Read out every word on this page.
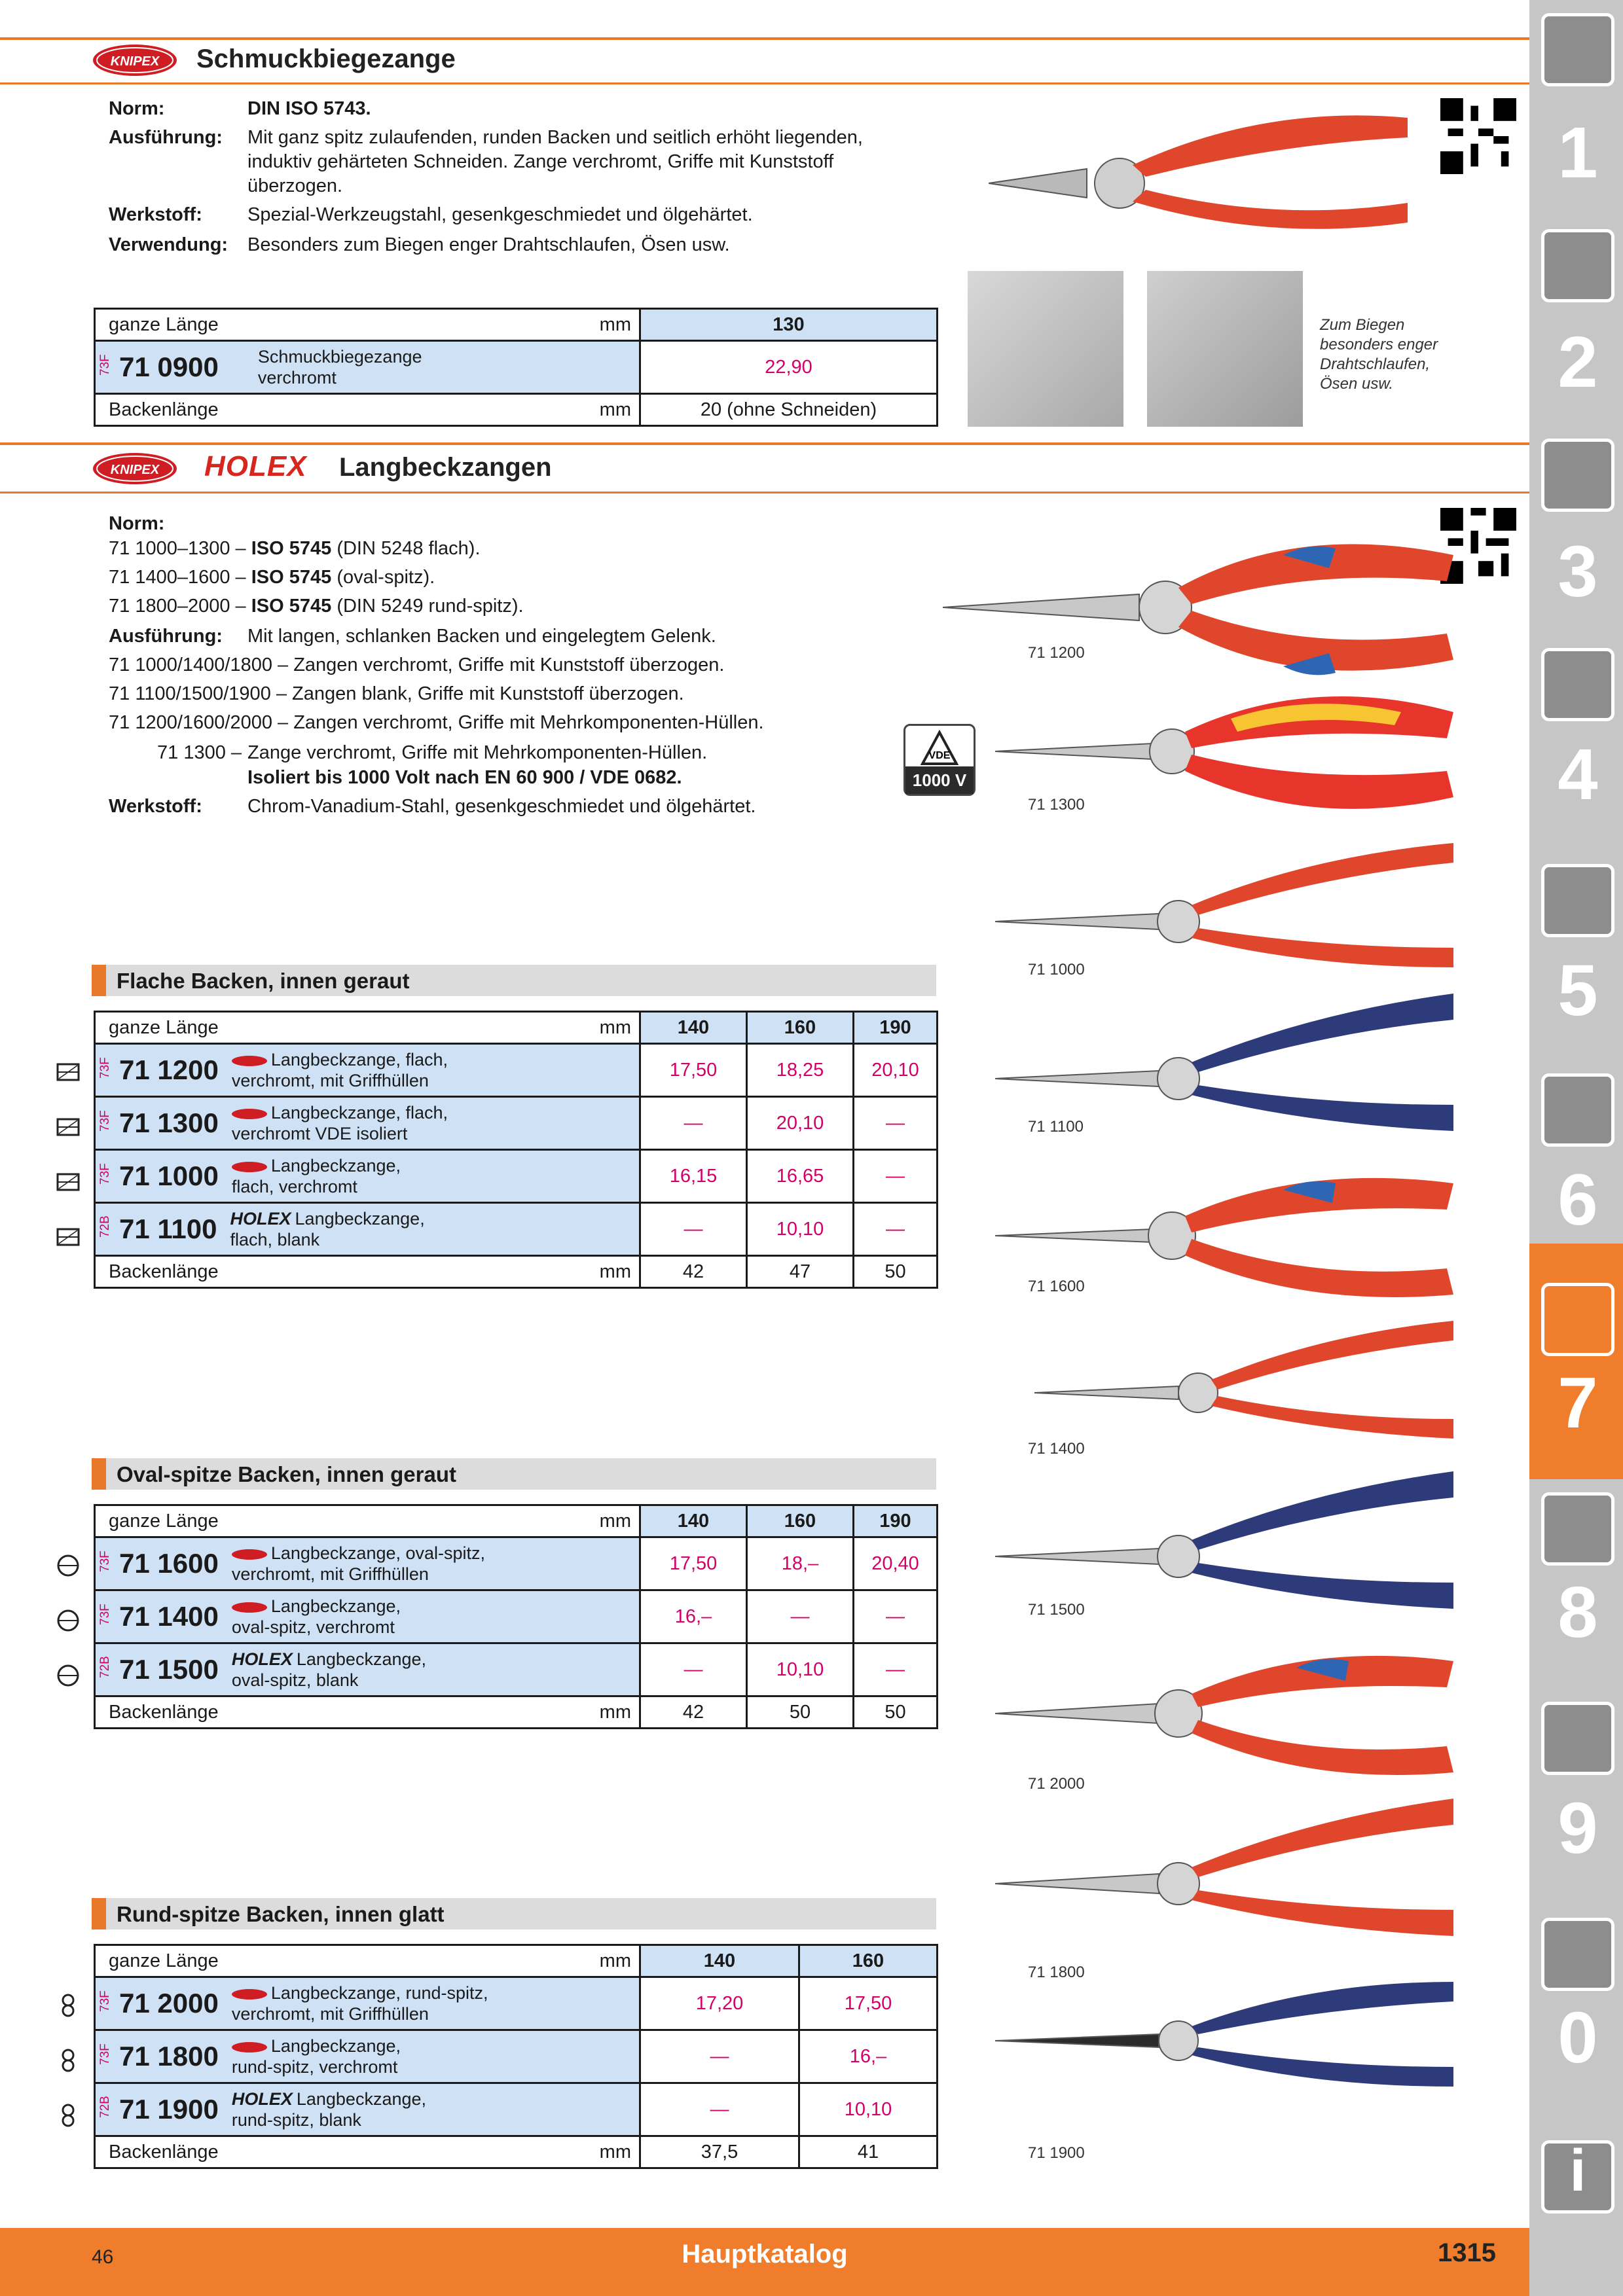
KNIPEX Schmuckbiegezange
Norm:	DIN ISO 5743.
Ausführung: Mit ganz spitz zulaufenden, runden Backen und seitlich erhöht liegenden, induktiv gehärteten Schneiden. Zange verchromt, Griffe mit Kunststoff überzogen.
Werkstoff: Spezial-Werkzeugstahl, gesenkgeschmiedet und ölgehärtet.
Verwendung: Besonders zum Biegen enger Drahtschlaufen, Ösen usw.
Zum Biegen besonders enger Drahtschlaufen, Ösen usw.
ganze Länge	mm	130
73F 71 0900 Schmuckbiegezange verchromt		22,90
Backenlänge	mm	20 (ohne Schneiden)
KNIPEX HOLEX Langbeckzangen
Norm:
71 1000–1300 – ISO 5745 (DIN 5248 flach).
71 1400–1600 – ISO 5745 (oval-spitz).
71 1800–2000 – ISO 5745 (DIN 5249 rund-spitz).
Ausführung: Mit langen, schlanken Backen und eingelegtem Gelenk.
71 1000/1400/1800 – Zangen verchromt, Griffe mit Kunststoff überzogen.
71 1100/1500/1900 – Zangen blank, Griffe mit Kunststoff überzogen.
71 1200/1600/2000 – Zangen verchromt, Griffe mit Mehrkomponenten-Hüllen.
71 1300 – Zange verchromt, Griffe mit Mehrkomponenten-Hüllen.
Isoliert bis 1000 Volt nach EN 60 900 / VDE 0682.
Werkstoff: Chrom-Vanadium-Stahl, gesenkgeschmiedet und ölgehärtet.
VDE
1000 V
Flache Backen, innen geraut
ganze Länge	mm	140	160	190
73F 71 1200 Langbeckzange, flach,
verchromt, mit Griffhüllen		17,50	18,25	20,10
73F 71 1300 Langbeckzange, flach,
verchromt VDE isoliert		—	20,10	—
73F 71 1000 Langbeckzange,
flach, verchromt		16,15	16,65	—
72B 71 1100 HOLEX Langbeckzange,
flach, blank		—	10,10	—
Backenlänge	mm	42	47	50
Oval-spitze Backen, innen geraut
ganze Länge	mm	140	160	190
73F 71 1600 Langbeckzange, oval-spitz,
verchromt, mit Griffhüllen		17,50	18,–	20,40
73F 71 1400 Langbeckzange,
oval-spitz, verchromt		16,–	—	—
72B 71 1500 HOLEX Langbeckzange,
oval-spitz, blank		—	10,10	—
Backenlänge	mm	42	50	50
Rund-spitze Backen, innen glatt
ganze Länge	mm	140	160
73F 71 2000 Langbeckzange, rund-spitz,
verchromt, mit Griffhüllen		17,20	17,50
73F 71 1800 Langbeckzange,
rund-spitz, verchromt		—	16,–
72B 71 1900 HOLEX Langbeckzange,
rund-spitz, blank		—	10,10
Backenlänge	mm	37,5	41
71 1200
71 1300
71 1000
71 1100
71 1600
71 1400
71 1500
71 2000
71 1800
71 1900
1
2
3
4
5
6
7
8
9
0
i
46	Hauptkatalog	1315
